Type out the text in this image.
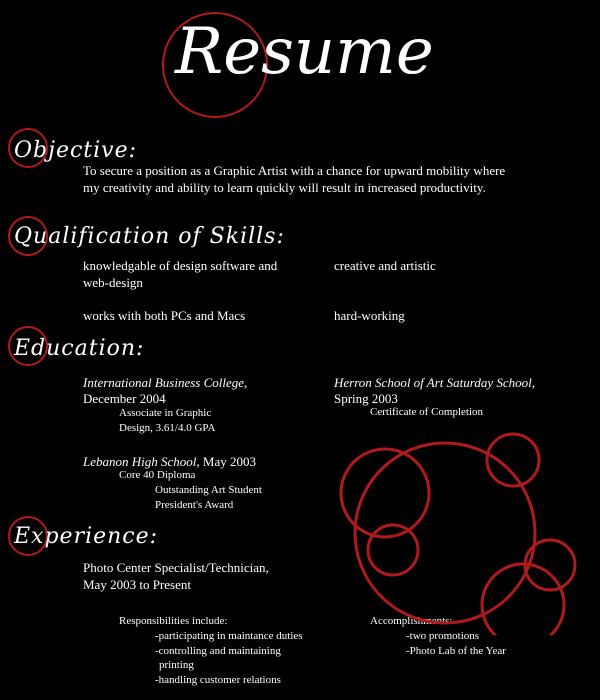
Resume
Objective:
To secure a position as a Graphic Artist with a chance for upward mobility where
my creativity and ability to learn quickly will result in increased productivity.
Qualification of Skills:
knowledgable of design software and web-design
creative and artistic
works with both PCs and Macs	hard-working
Education:
International Business College,
December 2004
Associate in Graphic
Design, 3.61/4.0 GPA
Herron School of Art Saturday School,
Spring 2003
Certificate of Completion
Lebanon High School, May 2003
Core 40 Diploma
Outstanding Art Student
President's Award
Experience:
Photo Center Specialist/Technician,
May 2003 to Present
Responsibilities include:
-participating in maintance duties
-controlling and maintaining
printing
-handling customer relations
Accomplishments:
-two promotions
-Photo Lab of the Year
